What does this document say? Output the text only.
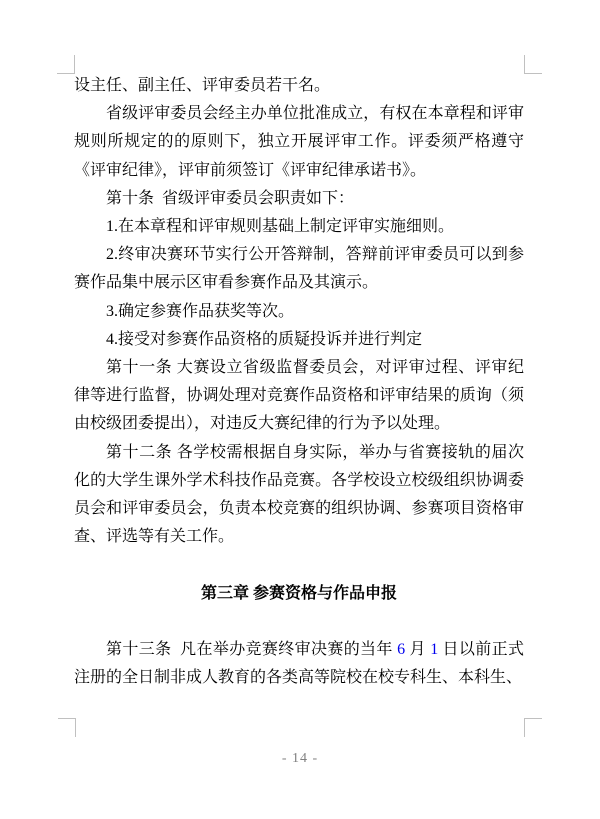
设主任、副主任、评审委员若干名。

省级评审委员会经主办单位批准成立，有权在本章程和评审规则所规定的的原则下，独立开展评审工作。评委须严格遵守《评审纪律》，评审前须签订《评审纪律承诺书》。

第十条  省级评审委员会职责如下：

1.在本章程和评审规则基础上制定评审实施细则。

2.终审决赛环节实行公开答辩制，答辩前评审委员可以到参赛作品集中展示区审看参赛作品及其演示。

3.确定参赛作品获奖等次。

4.接受对参赛作品资格的质疑投诉并进行判定

第十一条 大赛设立省级监督委员会，对评审过程、评审纪律等进行监督，协调处理对竞赛作品资格和评审结果的质询（须由校级团委提出），对违反大赛纪律的行为予以处理。

第十二条 各学校需根据自身实际，举办与省赛接轨的届次化的大学生课外学术科技作品竞赛。各学校设立校级组织协调委员会和评审委员会，负责本校竞赛的组织协调、参赛项目资格审查、评选等有关工作。

第三章 参赛资格与作品申报

第十三条  凡在举办竞赛终审决赛的当年 6 月 1 日以前正式注册的全日制非成人教育的各类高等院校在校专科生、本科生、

- 14 -
